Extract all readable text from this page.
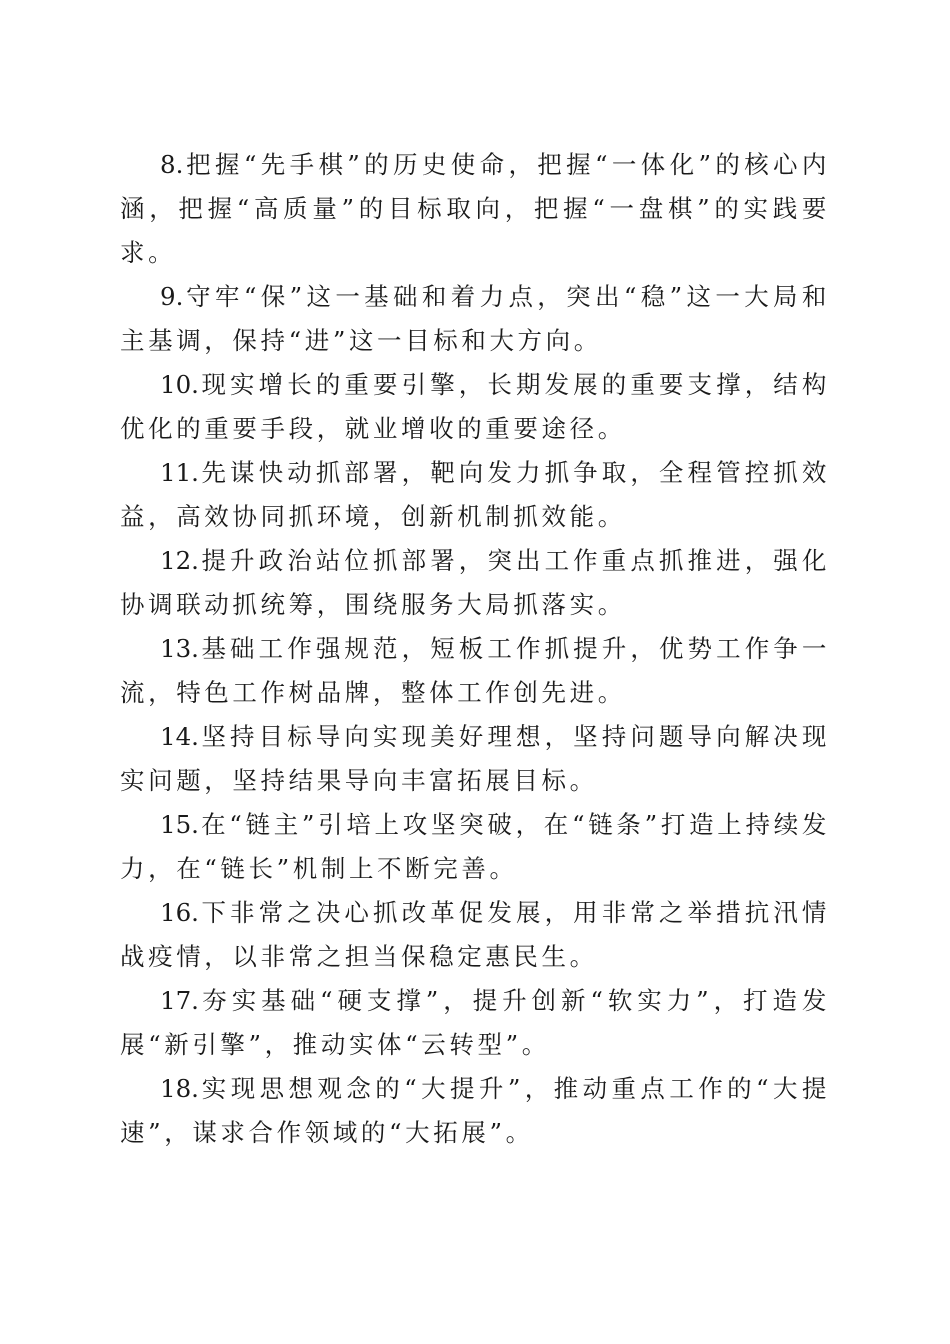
8.把握“先手棋”的历史使命，把握“一体化”的核心内涵，把握“高质量”的目标取向，把握“一盘棋”的实践要求。

9.守牢“保”这一基础和着力点，突出“稳”这一大局和主基调，保持“进”这一目标和大方向。

10.现实增长的重要引擎，长期发展的重要支撑，结构优化的重要手段，就业增收的重要途径。

11.先谋快动抓部署，靶向发力抓争取，全程管控抓效益，高效协同抓环境，创新机制抓效能。

12.提升政治站位抓部署，突出工作重点抓推进，强化协调联动抓统筹，围绕服务大局抓落实。

13.基础工作强规范，短板工作抓提升，优势工作争一流，特色工作树品牌，整体工作创先进。

14.坚持目标导向实现美好理想，坚持问题导向解决现实问题，坚持结果导向丰富拓展目标。

15.在“链主”引培上攻坚突破，在“链条”打造上持续发力，在“链长”机制上不断完善。

16.下非常之决心抓改革促发展，用非常之举措抗汛情战疫情，以非常之担当保稳定惠民生。

17.夯实基础“硬支撑”，提升创新“软实力”，打造发展“新引擎”，推动实体“云转型”。

18.实现思想观念的“大提升”，推动重点工作的“大提速”，谋求合作领域的“大拓展”。
